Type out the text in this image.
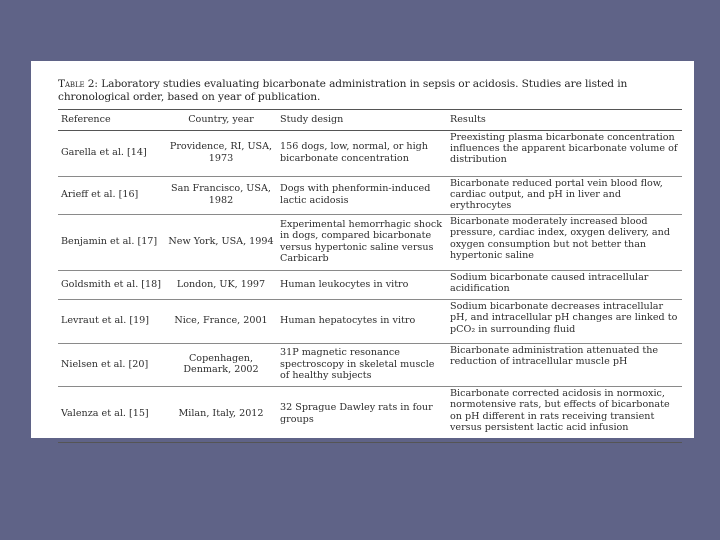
Table 2: Laboratory studies evaluating bicarbonate administration in sepsis or acidosis. Studies are listed in chronological order, based on year of publication.

Reference	Country, year	Study design	Results
Garella et al. [14]	Providence, RI, USA, 1973	156 dogs, low, normal, or high bicarbonate concentration	Preexisting plasma bicarbonate concentration influences the apparent bicarbonate volume of distribution
Arieff et al. [16]	San Francisco, USA, 1982	Dogs with phenformin-induced lactic acidosis	Bicarbonate reduced portal vein blood flow, cardiac output, and pH in liver and erythrocytes
Benjamin et al. [17]	New York, USA, 1994	Experimental hemorrhagic shock in dogs, compared bicarbonate versus hypertonic saline versus Carbicarb	Bicarbonate moderately increased blood pressure, cardiac index, oxygen delivery, and oxygen consumption but not better than hypertonic saline
Goldsmith et al. [18]	London, UK, 1997	Human leukocytes in vitro	Sodium bicarbonate caused intracellular acidification
Levraut et al. [19]	Nice, France, 2001	Human hepatocytes in vitro	Sodium bicarbonate decreases intracellular pH, and intracellular pH changes are linked to pCO₂ in surrounding fluid
Nielsen et al. [20]	Copenhagen, Denmark, 2002	31P magnetic resonance spectroscopy in skeletal muscle of healthy subjects	Bicarbonate administration attenuated the reduction of intracellular muscle pH
Valenza et al. [15]	Milan, Italy, 2012	32 Sprague Dawley rats in four groups	Bicarbonate corrected acidosis in normoxic, normotensive rats, but effects of bicarbonate on pH different in rats receiving transient versus persistent lactic acid infusion
